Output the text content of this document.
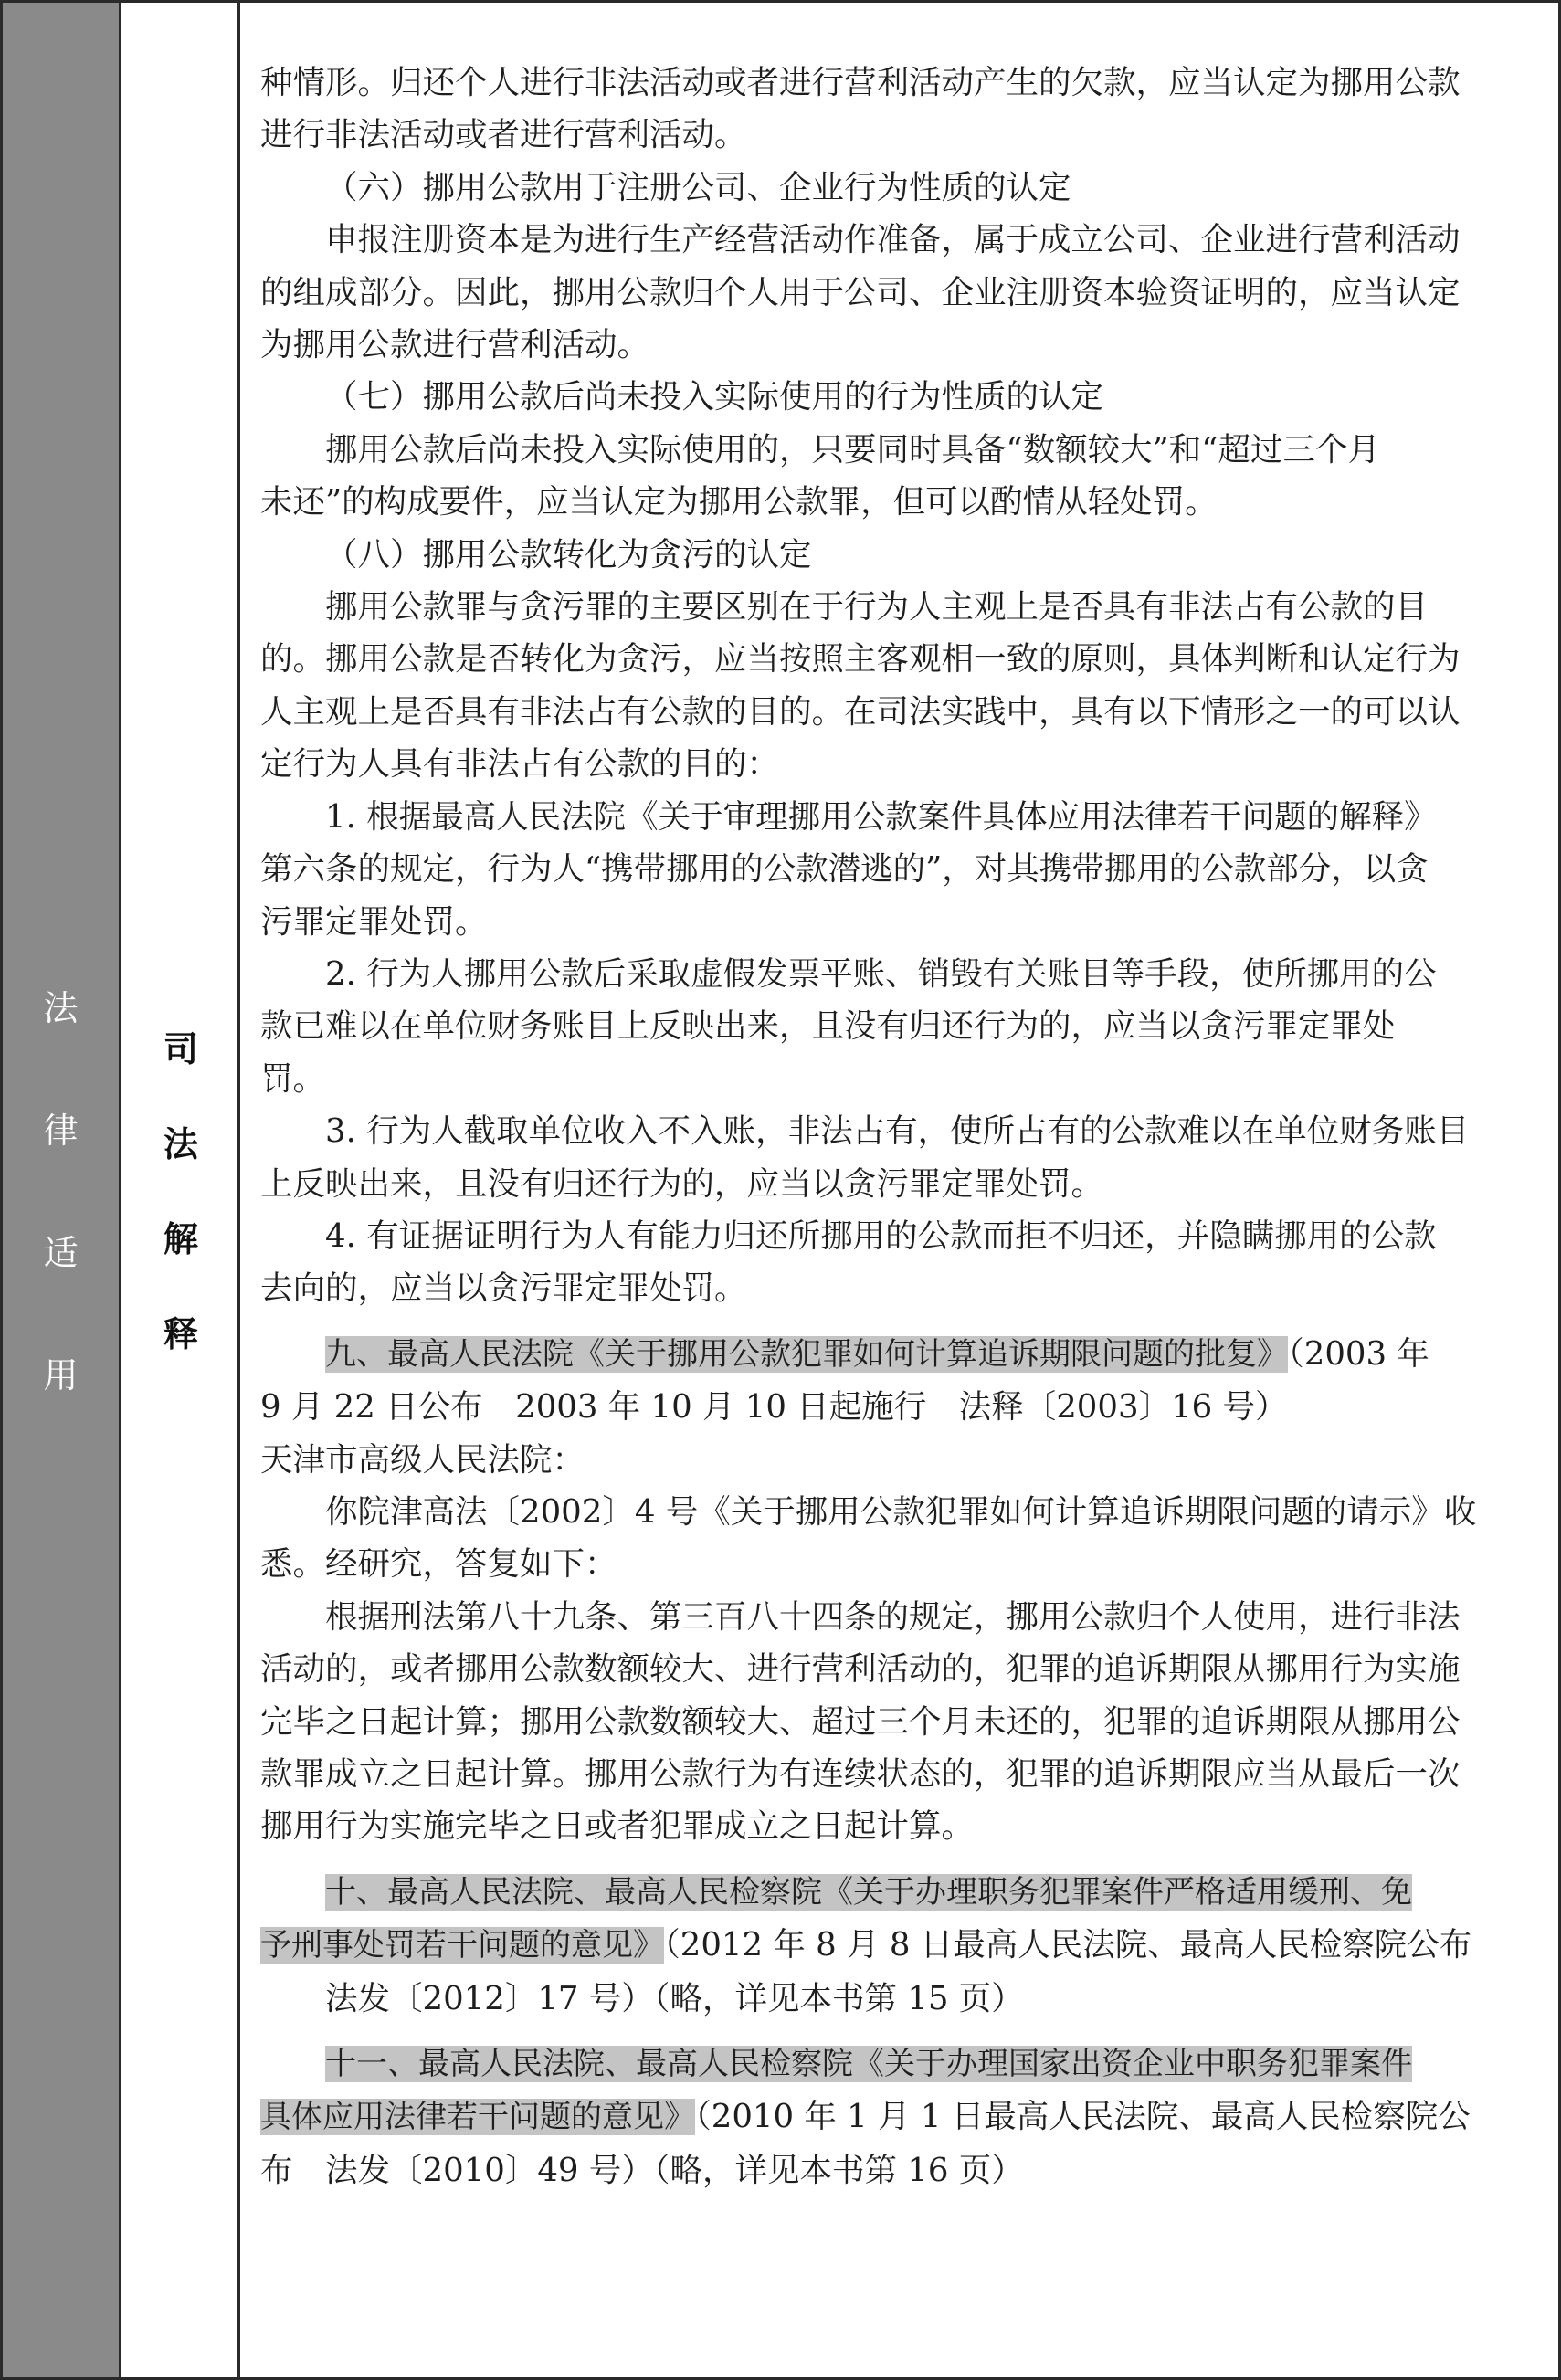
法
律
适
用
司
法
解
释

种情形。归还个人进行非法活动或者进行营利活动产生的欠款，应当认定为挪用公款

进行非法活动或者进行营利活动。

（六）挪用公款用于注册公司、企业行为性质的认定

申报注册资本是为进行生产经营活动作准备，属于成立公司、企业进行营利活动

的组成部分。因此，挪用公款归个人用于公司、企业注册资本验资证明的，应当认定

为挪用公款进行营利活动。

（七）挪用公款后尚未投入实际使用的行为性质的认定

挪用公款后尚未投入实际使用的，只要同时具备“数额较大”和“超过三个月

未还”的构成要件，应当认定为挪用公款罪，但可以酌情从轻处罚。

（八）挪用公款转化为贪污的认定

挪用公款罪与贪污罪的主要区别在于行为人主观上是否具有非法占有公款的目

的。挪用公款是否转化为贪污，应当按照主客观相一致的原则，具体判断和认定行为

人主观上是否具有非法占有公款的目的。在司法实践中，具有以下情形之一的可以认

定行为人具有非法占有公款的目的：

1. 根据最高人民法院《关于审理挪用公款案件具体应用法律若干问题的解释》

第六条的规定，行为人“携带挪用的公款潜逃的”，对其携带挪用的公款部分，以贪

污罪定罪处罚。

2. 行为人挪用公款后采取虚假发票平账、销毁有关账目等手段，使所挪用的公

款已难以在单位财务账目上反映出来，且没有归还行为的，应当以贪污罪定罪处

罚。

3. 行为人截取单位收入不入账，非法占有，使所占有的公款难以在单位财务账目

上反映出来，且没有归还行为的，应当以贪污罪定罪处罚。

4. 有证据证明行为人有能力归还所挪用的公款而拒不归还，并隐瞒挪用的公款

去向的，应当以贪污罪定罪处罚。

九、最高人民法院《关于挪用公款犯罪如何计算追诉期限问题的批复》（2003 年

9 月 22 日公布　2003 年 10 月 10 日起施行　法释〔2003〕16 号）

天津市高级人民法院：

你院津高法〔2002〕4 号《关于挪用公款犯罪如何计算追诉期限问题的请示》收

悉。经研究，答复如下：

根据刑法第八十九条、第三百八十四条的规定，挪用公款归个人使用，进行非法

活动的，或者挪用公款数额较大、进行营利活动的，犯罪的追诉期限从挪用行为实施

完毕之日起计算；挪用公款数额较大、超过三个月未还的，犯罪的追诉期限从挪用公

款罪成立之日起计算。挪用公款行为有连续状态的，犯罪的追诉期限应当从最后一次

挪用行为实施完毕之日或者犯罪成立之日起计算。

十、最高人民法院、最高人民检察院《关于办理职务犯罪案件严格适用缓刑、免

予刑事处罚若干问题的意见》（2012 年 8 月 8 日最高人民法院、最高人民检察院公布

法发〔2012〕17 号）（略，详见本书第 15 页）

十一、最高人民法院、最高人民检察院《关于办理国家出资企业中职务犯罪案件

具体应用法律若干问题的意见》（2010 年 1 月 1 日最高人民法院、最高人民检察院公

布　法发〔2010〕49 号）（略，详见本书第 16 页）
